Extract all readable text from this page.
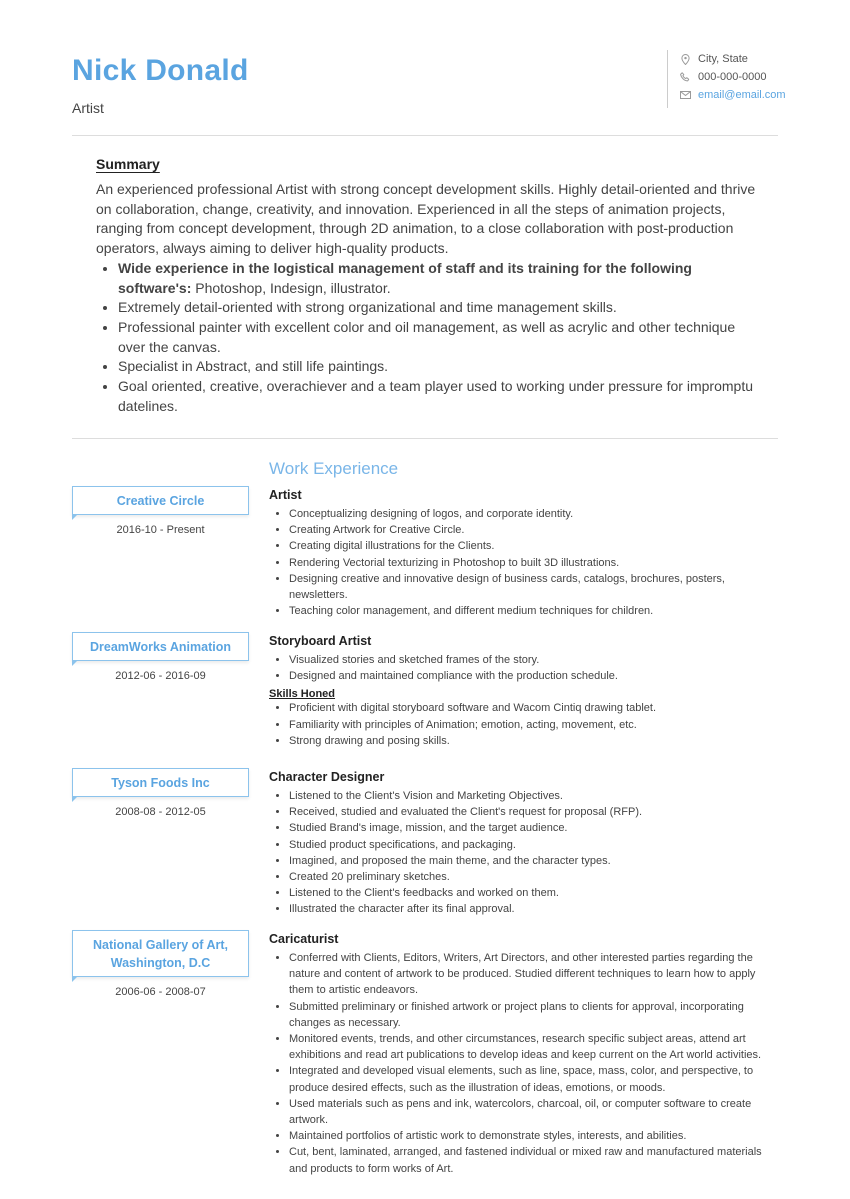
Nick Donald
Artist
City, State
000-000-0000
email@email.com
Summary

An experienced professional Artist with strong concept development skills. Highly detail-oriented and thrive on collaboration, change, creativity, and innovation. Experienced in all the steps of animation projects, ranging from concept development, through 2D animation, to a close collaboration with post-production operators, always aiming to deliver high-quality products.

• Wide experience in the logistical management of staff and its training for the following software's: Photoshop, Indesign, illustrator.
• Extremely detail-oriented with strong organizational and time management skills.
• Professional painter with excellent color and oil management, as well as acrylic and other technique over the canvas.
• Specialist in Abstract, and still life paintings.
• Goal oriented, creative, overachiever and a team player used to working under pressure for impromptu datelines.
Work Experience
Creative Circle
2016-10 - Present
Artist
• Conceptualizing designing of logos, and corporate identity.
• Creating Artwork for Creative Circle.
• Creating digital illustrations for the Clients.
• Rendering Vectorial texturizing in Photoshop to built 3D illustrations.
• Designing creative and innovative design of business cards, catalogs, brochures, posters, newsletters.
• Teaching color management, and different medium techniques for children.
DreamWorks Animation
2012-06 - 2016-09
Storyboard Artist
• Visualized stories and sketched frames of the story.
• Designed and maintained compliance with the production schedule.
Skills Honed
• Proficient with digital storyboard software and Wacom Cintiq drawing tablet.
• Familiarity with principles of Animation; emotion, acting, movement, etc.
• Strong drawing and posing skills.
Tyson Foods Inc
2008-08 - 2012-05
Character Designer
• Listened to the Client's Vision and Marketing Objectives.
• Received, studied and evaluated the Client's request for proposal (RFP).
• Studied Brand's image, mission, and the target audience.
• Studied product specifications, and packaging.
• Imagined, and proposed the main theme, and the character types.
• Created 20 preliminary sketches.
• Listened to the Client's feedbacks and worked on them.
• Illustrated the character after its final approval.
National Gallery of Art, Washington, D.C
2006-06 - 2008-07
Caricaturist
• Conferred with Clients, Editors, Writers, Art Directors, and other interested parties regarding the nature and content of artwork to be produced. Studied different techniques to learn how to apply them to artistic endeavors.
• Submitted preliminary or finished artwork or project plans to clients for approval, incorporating changes as necessary.
• Monitored events, trends, and other circumstances, research specific subject areas, attend art exhibitions and read art publications to develop ideas and keep current on the Art world activities.
• Integrated and developed visual elements, such as line, space, mass, color, and perspective, to produce desired effects, such as the illustration of ideas, emotions, or moods.
• Used materials such as pens and ink, watercolors, charcoal, oil, or computer software to create artwork.
• Maintained portfolios of artistic work to demonstrate styles, interests, and abilities.
• Cut, bent, laminated, arranged, and fastened individual or mixed raw and manufactured materials and products to form works of Art.
